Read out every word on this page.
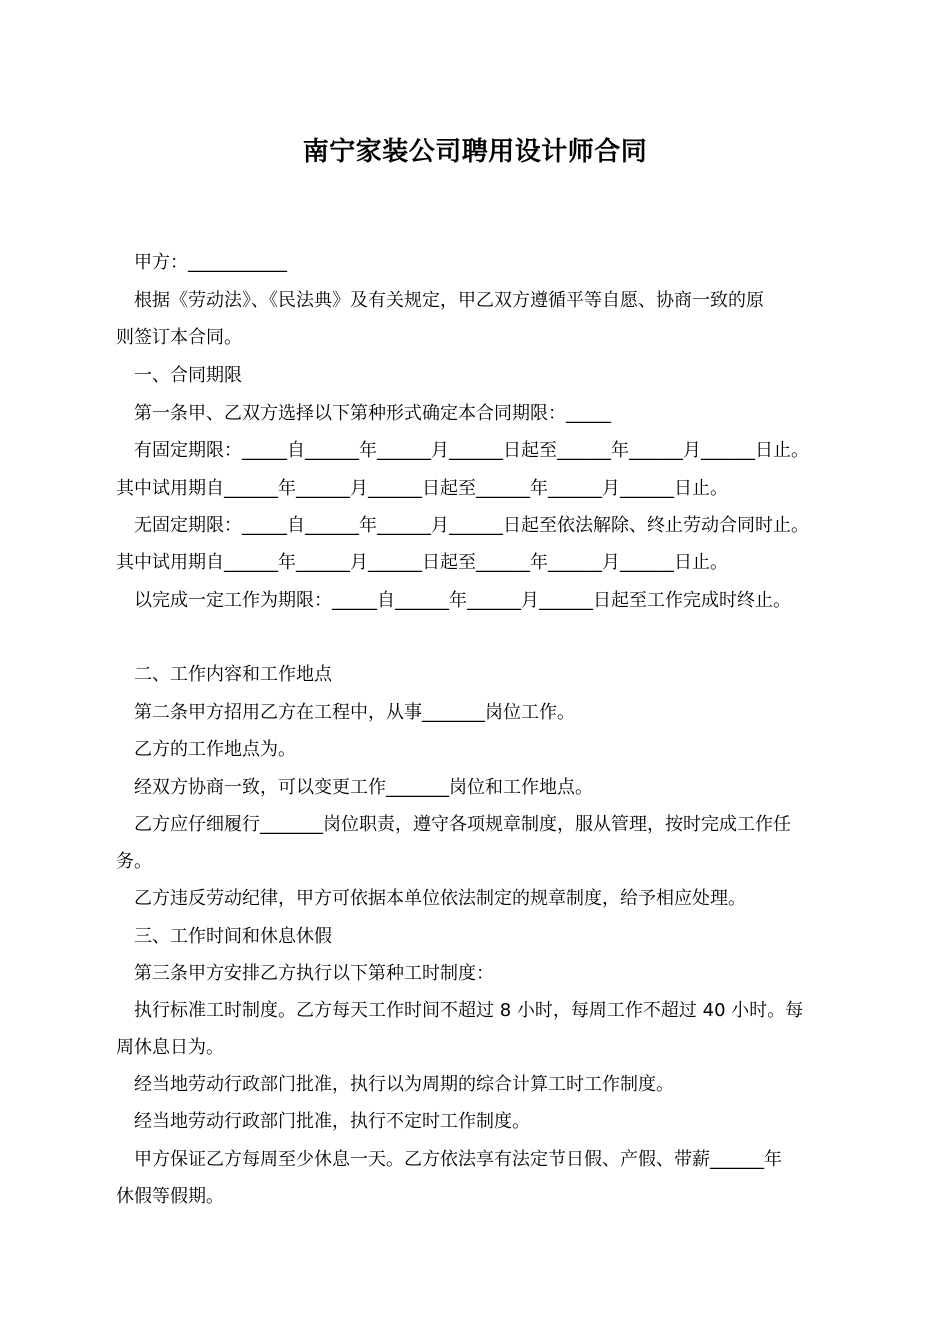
南宁家装公司聘用设计师合同
甲方：___________
根据《劳动法》、《民法典》及有关规定，甲乙双方遵循平等自愿、协商一致的原
则签订本合同。
一、合同期限
第一条甲、乙双方选择以下第种形式确定本合同期限：_____
有固定期限：_____自______年______月______日起至______年______月______日止。
其中试用期自______年______月______日起至______年______月______日止。
无固定期限：_____自______年______月______日起至依法解除、终止劳动合同时止。
其中试用期自______年______月______日起至______年______月______日止。
以完成一定工作为期限：_____自______年______月______日起至工作完成时终止。
二、工作内容和工作地点
第二条甲方招用乙方在工程中，从事_______岗位工作。
乙方的工作地点为。
经双方协商一致，可以变更工作_______岗位和工作地点。
乙方应仔细履行_______岗位职责，遵守各项规章制度，服从管理，按时完成工作任
务。
乙方违反劳动纪律，甲方可依据本单位依法制定的规章制度，给予相应处理。
三、工作时间和休息休假
第三条甲方安排乙方执行以下第种工时制度：
执行标准工时制度。乙方每天工作时间不超过 8 小时，每周工作不超过 40 小时。每
周休息日为。
经当地劳动行政部门批准，执行以为周期的综合计算工时工作制度。
经当地劳动行政部门批准，执行不定时工作制度。
甲方保证乙方每周至少休息一天。乙方依法享有法定节日假、产假、带薪______年
休假等假期。
